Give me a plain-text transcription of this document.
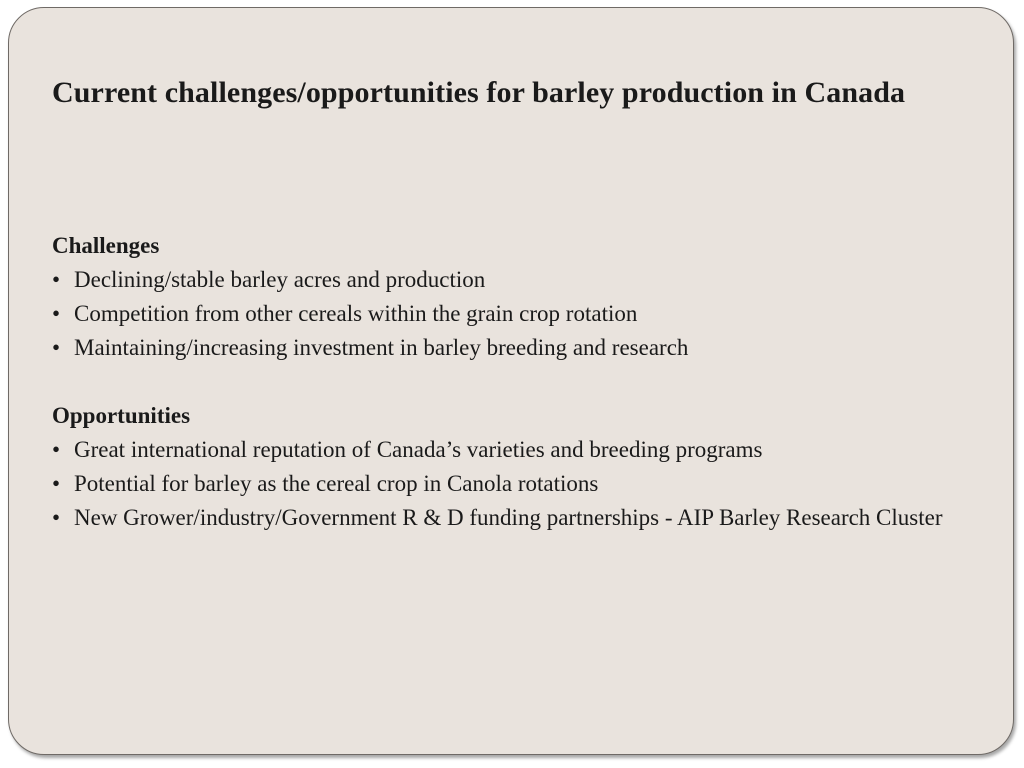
Current challenges/opportunities for barley production in Canada

Challenges

• Declining/stable barley acres and production
• Competition from other cereals within the grain crop rotation
• Maintaining/increasing investment in barley breeding and research

Opportunities

• Great international reputation of Canada’s varieties and breeding programs
• Potential for barley as the cereal crop in Canola rotations
• New Grower/industry/Government R & D funding partnerships - AIP Barley Research Cluster
